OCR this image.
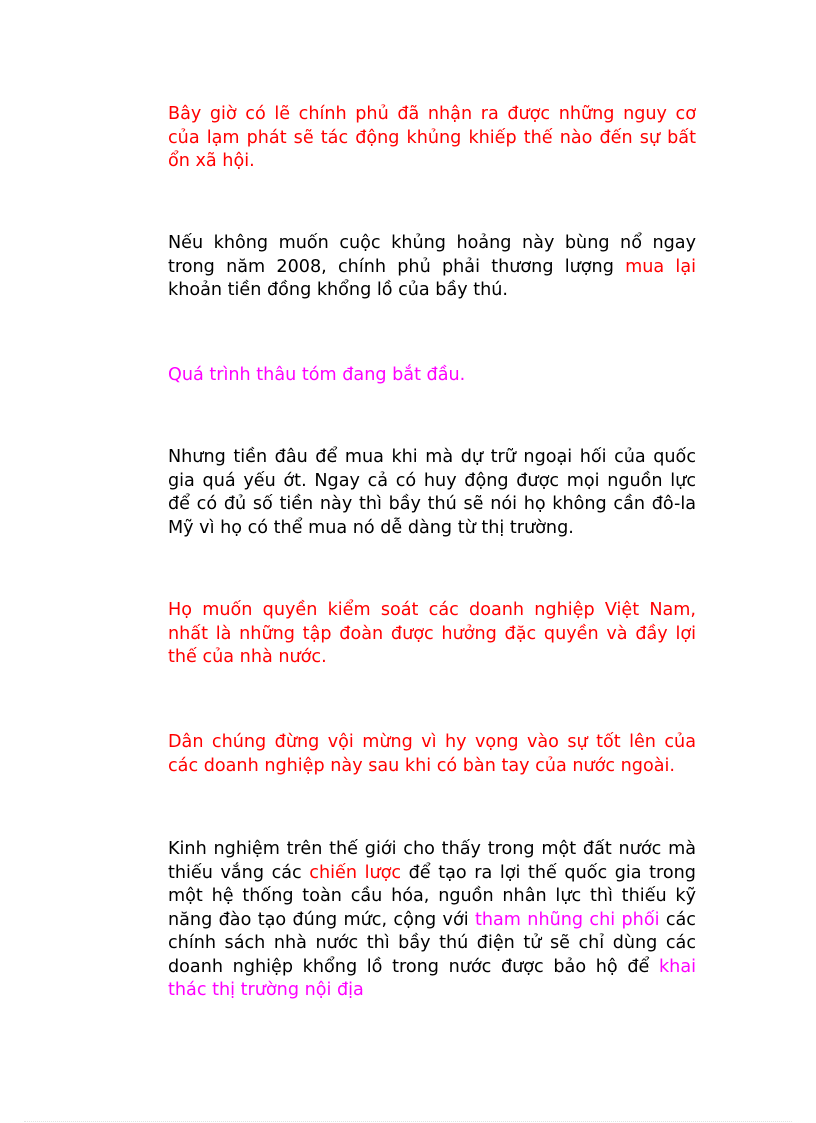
Bây giờ có lẽ chính phủ đã nhận ra được những nguy cơ của lạm phát sẽ tác động khủng khiếp thế nào đến sự bất ổn xã hội.

Nếu không muốn cuộc khủng hoảng này bùng nổ ngay trong năm 2008, chính phủ phải thương lượng mua lại khoản tiền đồng khổng lồ của bầy thú.

Quá trình thâu tóm đang bắt đầu.

Nhưng tiền đâu để mua khi mà dự trữ ngoại hối của quốc gia quá yếu ớt. Ngay cả có huy động được mọi nguồn lực để có đủ số tiền này thì bầy thú sẽ nói họ không cần đô-la Mỹ vì họ có thể mua nó dễ dàng từ thị trường.

Họ muốn quyền kiểm soát các doanh nghiệp Việt Nam, nhất là những tập đoàn được hưởng đặc quyền và đầy lợi thế của nhà nước.

Dân chúng đừng vội mừng vì hy vọng vào sự tốt lên của các doanh nghiệp này sau khi có bàn tay của nước ngoài.

Kinh nghiệm trên thế giới cho thấy trong một đất nước mà thiếu vắng các chiến lược để tạo ra lợi thế quốc gia trong một hệ thống toàn cầu hóa, nguồn nhân lực thì thiếu kỹ năng đào tạo đúng mức, cộng với tham nhũng chi phối các chính sách nhà nước thì bầy thú điện tử sẽ chỉ dùng các doanh nghiệp khổng lồ trong nước được bảo hộ để khai thác thị trường nội địa
